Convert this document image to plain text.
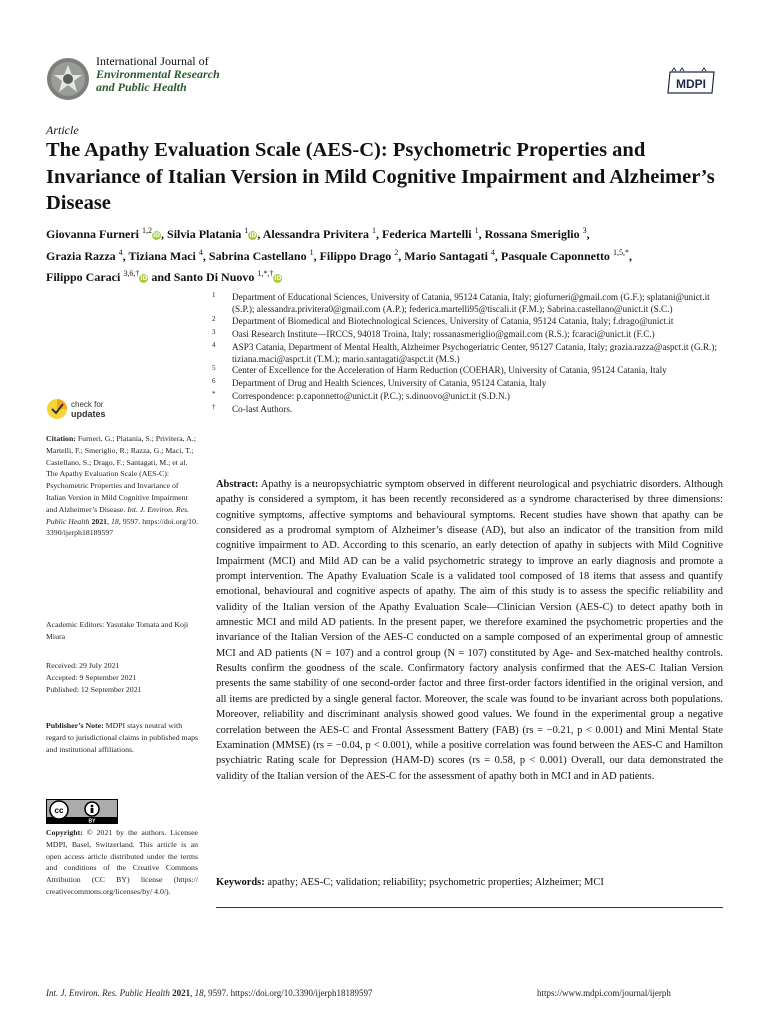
International Journal of
Environmental Research
and Public Health	MDPI
Article
The Apathy Evaluation Scale (AES-C): Psychometric Properties and Invariance of Italian Version in Mild Cognitive Impairment and Alzheimer’s Disease
Giovanna Furneri $^{1,2}$iD, Silvia Platania $^1$iD, Alessandra Privitera $^1$, Federica Martelli $^1$, Rossana Smeriglio $^3$,
Grazia Razza $^4$, Tiziana Maci $^4$, Sabrina Castellano $^1$, Filippo Drago $^2$, Mario Santagati $^4$, Pasquale Caponnetto $^{1,5,*}$,
Filippo Caraci $^{3,6,\dagger}$iD and Santo Di Nuovo $^{1,*,\dagger}$iD
$^1$	Department of Educational Sciences, University of Catania, 95124 Catania, Italy; giofurneri@gmail.com (G.F.); splatani@unict.it (S.P.); alessandra.privitera0@gmail.com (A.P.); federica.martelli95@tiscali.it (F.M.); Sabrina.castellano@unict.it (S.C.)
$^2$	Department of Biomedical and Biotechnological Sciences, University of Catania, 95124 Catania, Italy; f.drago@unict.it
$^3$	Oasi Research Institute—IRCCS, 94018 Troina, Italy; rossanasmeriglio@gmail.com (R.S.); fcaraci@unict.it (F.C.)
$^4$	ASP3 Catania, Department of Mental Health, Alzheimer Psychogeriatric Center, 95127 Catania, Italy; grazia.razza@aspct.it (G.R.); tiziana.maci@aspct.it (T.M.); mario.santagati@aspct.it (M.S.)
$^5$	Center of Excellence for the Acceleration of Harm Reduction (COEHAR), University of Catania, 95124 Catania, Italy
$^6$	Department of Drug and Health Sciences, University of Catania, 95124 Catania, Italy
*	Correspondence: p.caponnetto@unict.it (P.C.); s.dinuovo@unict.it (S.D.N.)
†	Co-last Authors.
check for
updates

Citation: Furneri, G.; Platania, S.; Privitera, A.; Martelli, F.; Smeriglio, R.; Razza, G.; Maci, T.; Castellano, S.; Drago, F.; Santagati, M.; et al. The Apathy Evaluation Scale (AES-C): Psychometric Properties and Invariance of Italian Version in Mild Cognitive Impairment and Alzheimer’s Disease. Int. J. Environ. Res. Public Health 2021, 18, 9597. https://doi.org/10.3390/ijerph18189597

Academic Editors: Yasutake Tomata and Koji Miura

Received: 29 July 2021

Accepted: 9 September 2021

Published: 12 September 2021

Publisher’s Note: MDPI stays neutral with regard to jurisdictional claims in published maps and institutional affiliations.

Copyright: © 2021 by the authors. Licensee MDPI, Basel, Switzerland. This article is an open access article distributed under the terms and conditions of the Creative Commons Attribution (CC BY) license (https:// creativecommons.org/licenses/by/ 4.0/).

cc
BY

Abstract: Apathy is a neuropsychiatric symptom observed in different neurological and psychiatric disorders. Although apathy is considered a symptom, it has been recently reconsidered as a syndrome characterised by three dimensions: cognitive symptoms, affective symptoms and behavioural symptoms. Recent studies have shown that apathy can be considered as a prodromal symptom of Alzheimer’s disease (AD), but also an indicator of the transition from mild cognitive impairment to AD. According to this scenario, an early detection of apathy in subjects with Mild Cognitive Impairment (MCI) and Mild AD can be a valid psychometric strategy to improve an early diagnosis and promote a prompt intervention. The Apathy Evaluation Scale is a validated tool composed of 18 items that assess and quantify emotional, behavioural and cognitive aspects of apathy. The aim of this study is to assess the specific reliability and validity of the Italian version of the Apathy Evaluation Scale—Clinician Version (AES-C) to detect apathy both in amnestic MCI and mild AD patients. In the present paper, we therefore examined the psychometric properties and the invariance of the Italian Version of the AES-C conducted on a sample composed of an experimental group of amnestic MCI and AD patients (N = 107) and a control group (N = 107) constituted by Age- and Sex-matched healthy controls. Results confirm the goodness of the scale. Confirmatory factory analysis confirmed that the AES-C Italian Version presents the same stability of one second-order factor and three first-order factors identified in the original version, and all items are predicted by a single general factor. Moreover, the scale was found to be invariant across both populations. Moreover, reliability and discriminant analysis showed good values. We found in the experimental group a negative correlation between the AES-C and Frontal Assessment Battery (FAB) (rs = −0.21, p < 0.001) and Mini Mental State Examination (MMSE) (rs = −0.04, p < 0.001), while a positive correlation was found between the AES-C and Hamilton psychiatric Rating scale for Depression (HAM-D) scores (rs = 0.58, p < 0.001) Overall, our data demonstrated the validity of the Italian version of the AES-C for the assessment of apathy both in MCI and in AD patients.

Keywords: apathy; AES-C; validation; reliability; psychometric properties; Alzheimer; MCI
Int. J. Environ. Res. Public Health 2021, 18, 9597. https://doi.org/10.3390/ijerph18189597	https://www.mdpi.com/journal/ijerph
